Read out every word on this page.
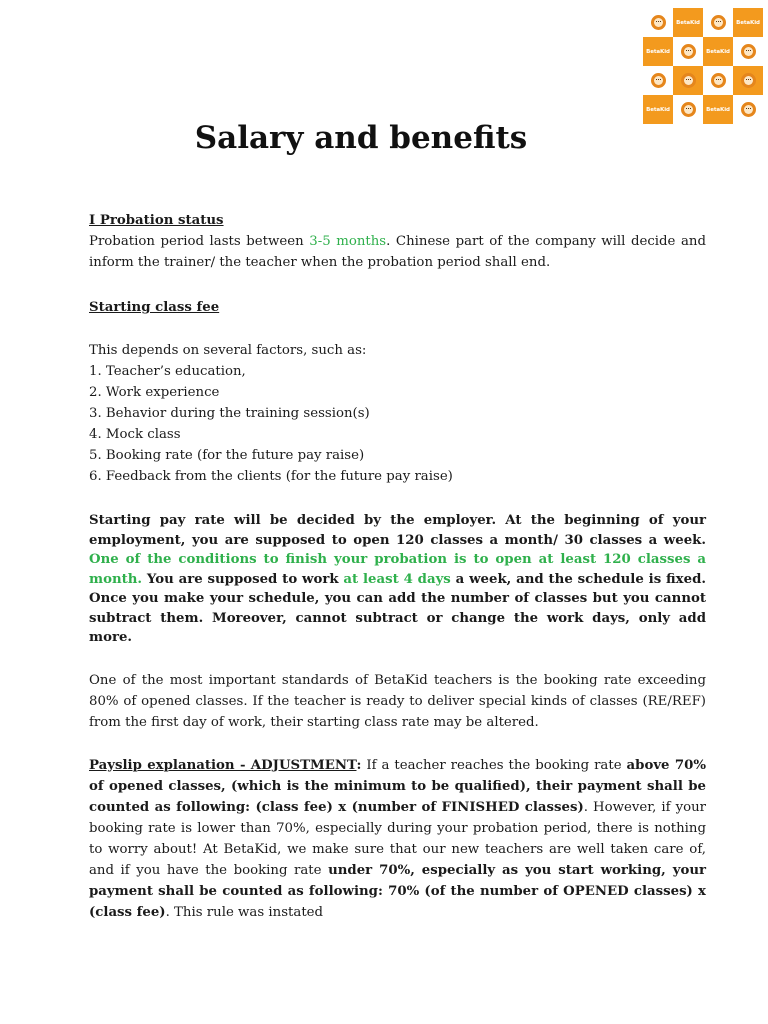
BetaKid	BetaKid
BetaKid	BetaKid
BetaKid	BetaKid
Salary and benefits

I Probation status

Probation period lasts between 3-5 months. Chinese part of the company will decide and inform the trainer/ the teacher when the probation period shall end.

Starting class fee

This depends on several factors, such as:

1. Teacher’s education,
2. Work experience
3. Behavior during the training session(s)
4. Mock class
5. Booking rate (for the future pay raise)
6. Feedback from the clients (for the future pay raise)

Starting pay rate will be decided by the employer. At the beginning of your employment, you are supposed to open 120 classes a month/ 30 classes a week. One of the conditions to finish your probation is to open at least 120 classes a month. You are supposed to work at least 4 days a week, and the schedule is fixed. Once you make your schedule, you can add the number of classes but you cannot subtract them. Moreover, cannot subtract or change the work days, only add more.

One of the most important standards of BetaKid teachers is the booking rate exceeding 80% of opened classes. If the teacher is ready to deliver special kinds of classes (RE/REF) from the first day of work, their starting class rate may be altered.

Payslip explanation - ADJUSTMENT: If a teacher reaches the booking rate above 70% of opened classes, (which is the minimum to be qualified), their payment shall be counted as following: (class fee) x (number of FINISHED classes). However, if your booking rate is lower than 70%, especially during your probation period, there is nothing to worry about! At BetaKid, we make sure that our new teachers are well taken care of, and if you have the booking rate under 70%, especially as you start working, your payment shall be counted as following: 70% (of the number of OPENED classes) x (class fee). This rule was instated
